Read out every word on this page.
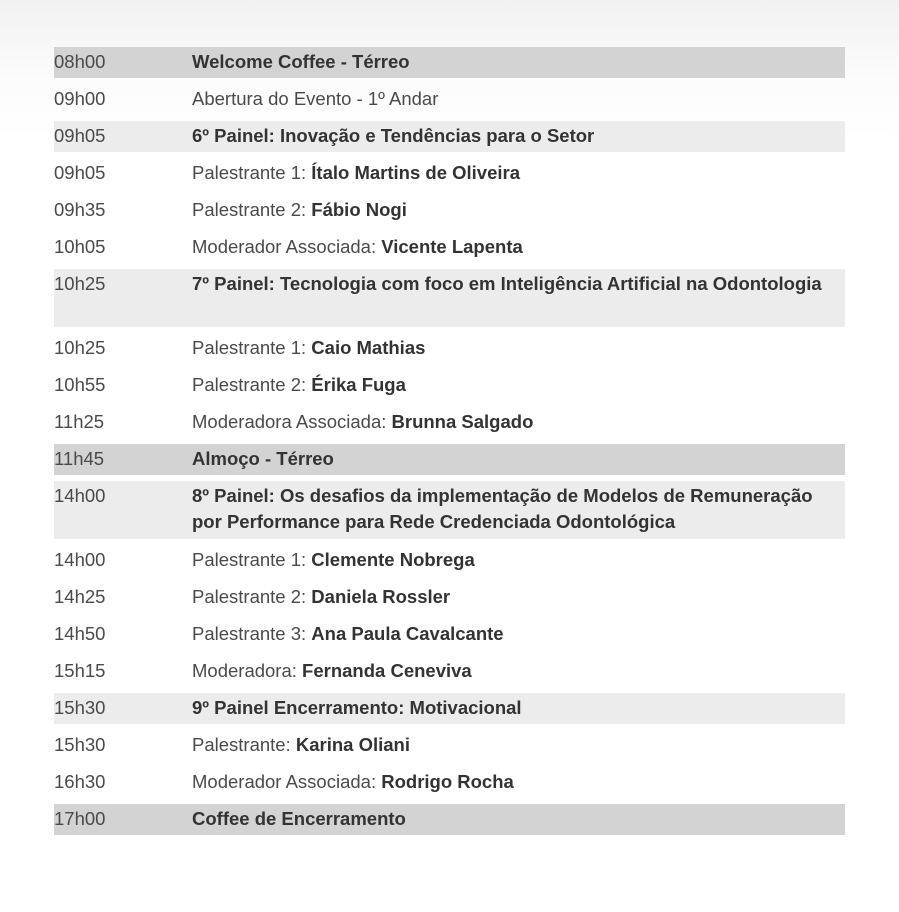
08h00	Welcome Coffee - Térreo
09h00	Abertura do Evento - 1º Andar
09h05	6º Painel: Inovação e Tendências para o Setor
09h05	Palestrante 1: Ítalo Martins de Oliveira
09h35	Palestrante 2: Fábio Nogi
10h05	Moderador Associada: Vicente Lapenta
10h25	7º Painel: Tecnologia com foco em Inteligência Artificial na Odontologia
10h25	Palestrante 1: Caio Mathias
10h55	Palestrante 2: Érika Fuga
11h25	Moderadora Associada: Brunna Salgado
11h45	Almoço - Térreo
14h00	8º Painel: Os desafios da implementação de Modelos de Remuneração por Performance para Rede Credenciada Odontológica
14h00	Palestrante 1: Clemente Nobrega
14h25	Palestrante 2: Daniela Rossler
14h50	Palestrante 3: Ana Paula Cavalcante
15h15	Moderadora: Fernanda Ceneviva
15h30	9º Painel Encerramento: Motivacional
15h30	Palestrante: Karina Oliani
16h30	Moderador Associada: Rodrigo Rocha
17h00	Coffee de Encerramento
